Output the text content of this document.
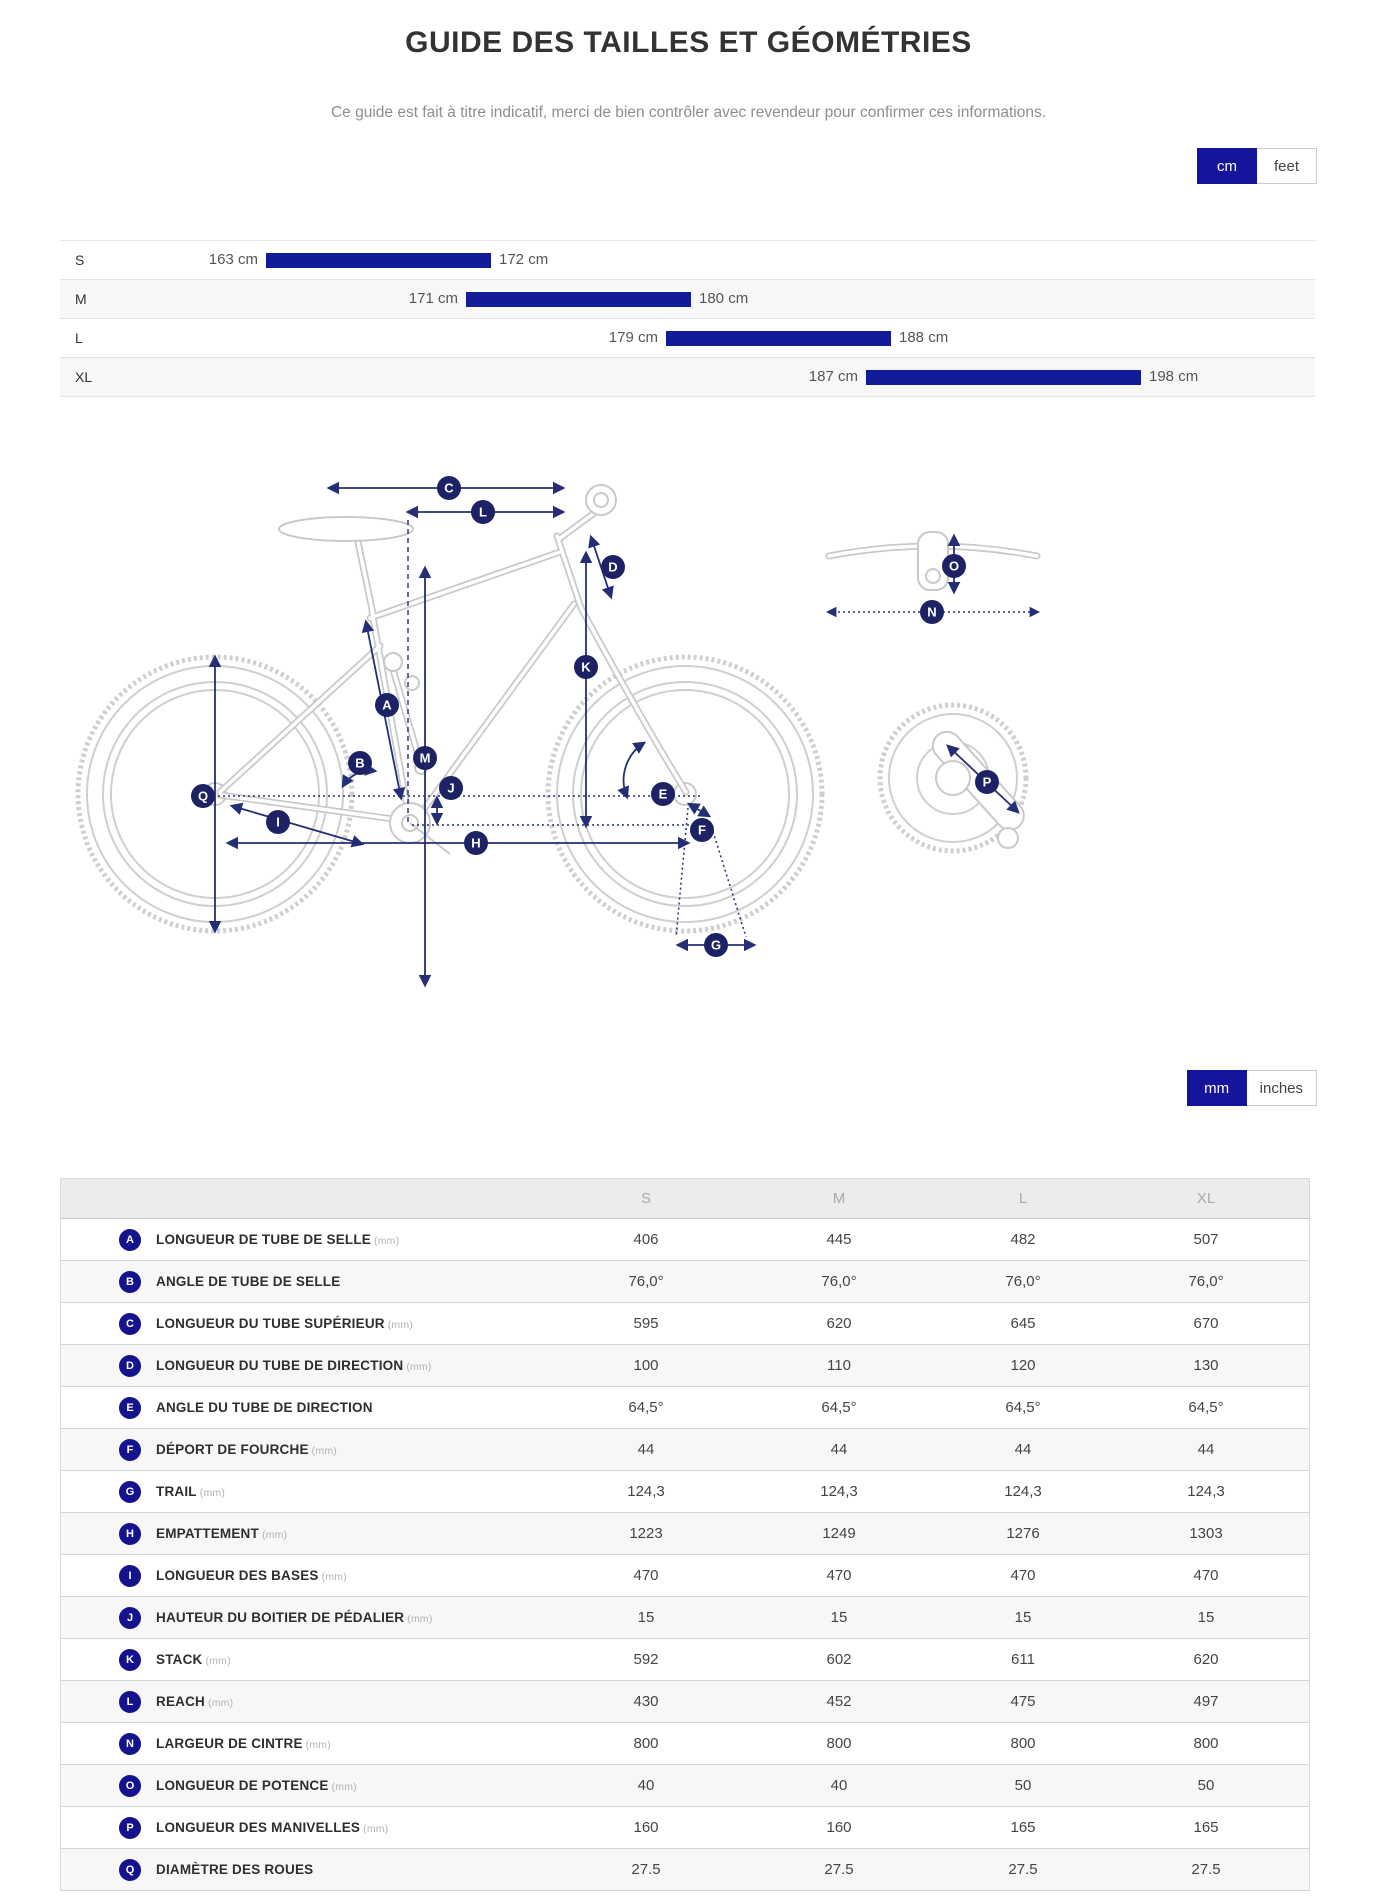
GUIDE DES TAILLES ET GÉOMÉTRIES

Ce guide est fait à titre indicatif, merci de bien contrôler avec revendeur pour confirmer ces informations.

cm	feet
S	163 cm	172 cm
M	171 cm	180 cm
L	179 cm	188 cm
XL	187 cm	198 cm
C
L
D
K
A
B	M
J	E
F
Q
I
H
G
O
N
P
mm	inches
S	M	L	XL
A	LONGUEUR DE TUBE DE SELLE (mm)	406	445	482	507
B	ANGLE DE TUBE DE SELLE	76,0°	76,0°	76,0°	76,0°
C	LONGUEUR DU TUBE SUPÉRIEUR (mm)	595	620	645	670
D	LONGUEUR DU TUBE DE DIRECTION (mm)	100	110	120	130
E	ANGLE DU TUBE DE DIRECTION	64,5°	64,5°	64,5°	64,5°
F	DÉPORT DE FOURCHE (mm)	44	44	44	44
G	TRAIL (mm)	124,3	124,3	124,3	124,3
H	EMPATTEMENT (mm)	1223	1249	1276	1303
I	LONGUEUR DES BASES (mm)	470	470	470	470
J	HAUTEUR DU BOITIER DE PÉDALIER (mm)	15	15	15	15
K	STACK (mm)	592	602	611	620
L	REACH (mm)	430	452	475	497
N	LARGEUR DE CINTRE (mm)	800	800	800	800
O	LONGUEUR DE POTENCE (mm)	40	40	50	50
P	LONGUEUR DES MANIVELLES (mm)	160	160	165	165
Q	DIAMÈTRE DES ROUES	27.5	27.5	27.5	27.5
